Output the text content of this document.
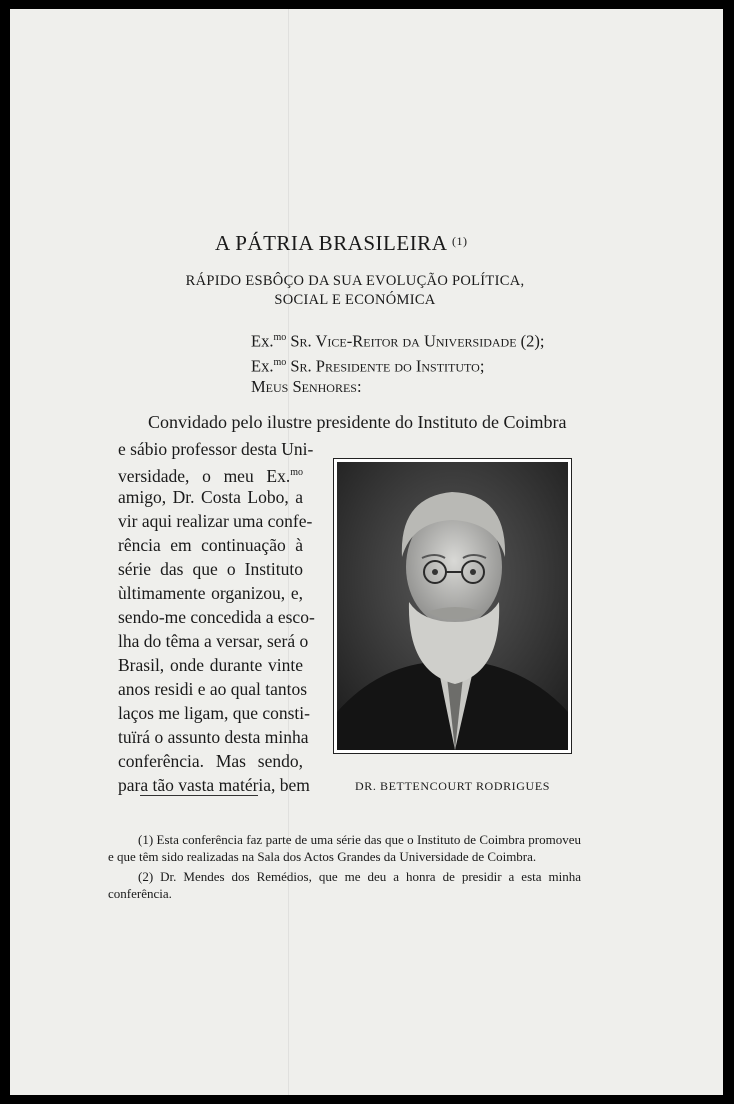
A PÁTRIA BRASILEIRA $^{(1)}$
RÁPIDO ESBÔÇO DA SUA EVOLUÇÃO POLÍTICA,
SOCIAL E ECONÓMICA
Ex.$^{mo}$ Sr. Vice-Reitor da Universidade (2);
Ex.$^{mo}$ Sr. Presidente do Instituto;
Meus Senhores:
Convidado pelo ilustre presidente do Instituto de Coimbra
e sábio professor desta Uni-
versidade, o meu Ex.$^{mo}$
amigo, Dr. Costa Lobo, a
vir aqui realizar uma confe-
rência em continuação à
série das que o Instituto
ùltimamente organizou, e,
sendo-me concedida a esco-
lha do têma a versar, será o
Brasil, onde durante vinte
anos residi e ao qual tantos
laços me ligam, que consti-
tuïrá o assunto desta minha
conferência. Mas sendo,
para tão vasta matéria, bem	DR. BETTENCOURT RODRIGUES

(1) Esta conferência faz parte de uma série das que o Instituto de Coimbra promoveu e que têm sido realizadas na Sala dos Actos Grandes da Universidade de Coimbra.

(2) Dr. Mendes dos Remédios, que me deu a honra de presidir a esta minha conferência.
